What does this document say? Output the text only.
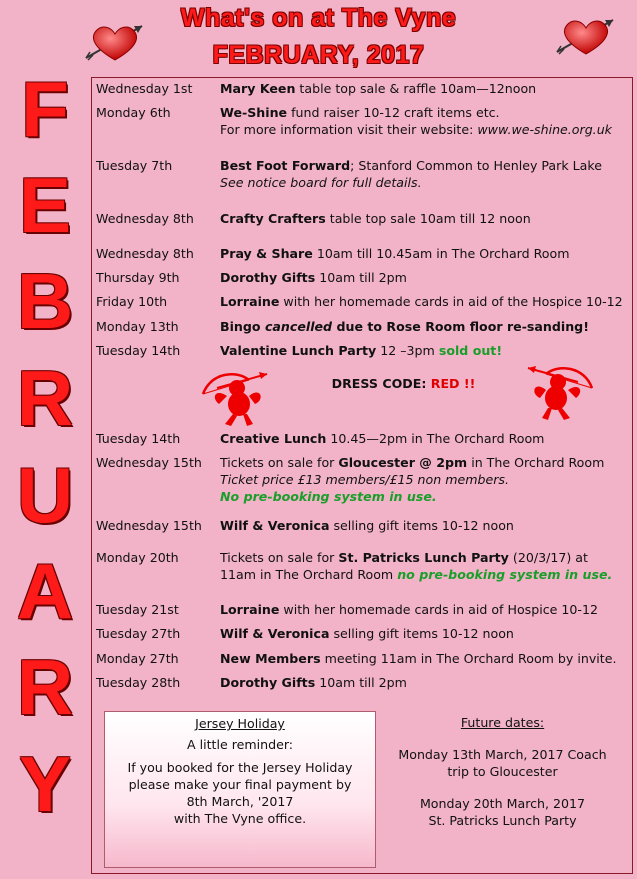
What's on at The Vyne
FEBRUARY, 2017
F
E
B
R
U
A
R
Y
Wednesday 1st Mary Keen table top sale & raffle 10am—12noon
Monday 6th	We-Shine fund raiser 10-12 craft items etc.
For more information visit their website: www.we-shine.org.uk
Tuesday 7th	Best Foot Forward; Stanford Common to Henley Park Lake
See notice board for full details.
Wednesday 8th Crafty Crafters table top sale 10am till 12 noon
Wednesday 8th Pray & Share 10am till 10.45am in The Orchard Room
Thursday 9th	Dorothy Gifts 10am till 2pm
Friday 10th	Lorraine with her homemade cards in aid of the Hospice 10-12
Monday 13th	Bingo cancelled due to Rose Room floor re-sanding!
Tuesday 14th	Valentine Lunch Party 12 –3pm sold out!
Tuesday 14th	Creative Lunch 10.45—2pm in The Orchard Room
Wednesday 15th Tickets on sale for Gloucester @ 2pm in The Orchard Room
Ticket price £13 members/£15 non members.
No pre-booking system in use.
Wednesday 15th Wilf & Veronica selling gift items 10-12 noon
Monday 20th	Tickets on sale for St. Patricks Lunch Party (20/3/17) at
11am in The Orchard Room no pre-booking system in use.
Tuesday 21st	Lorraine with her homemade cards in aid of Hospice 10-12
Tuesday 27th	Wilf & Veronica selling gift items 10-12 noon
Monday 27th	New Members meeting 11am in The Orchard Room by invite.
Tuesday 28th	Dorothy Gifts 10am till 2pm
DRESS CODE: RED !!
Jersey Holiday
A little reminder:
If you booked for the Jersey Holiday
please make your final payment by
8th March, '2017
with The Vyne office.
Future dates:
Monday 13th March, 2017 Coach
trip to Gloucester
Monday 20th March, 2017
St. Patricks Lunch Party
